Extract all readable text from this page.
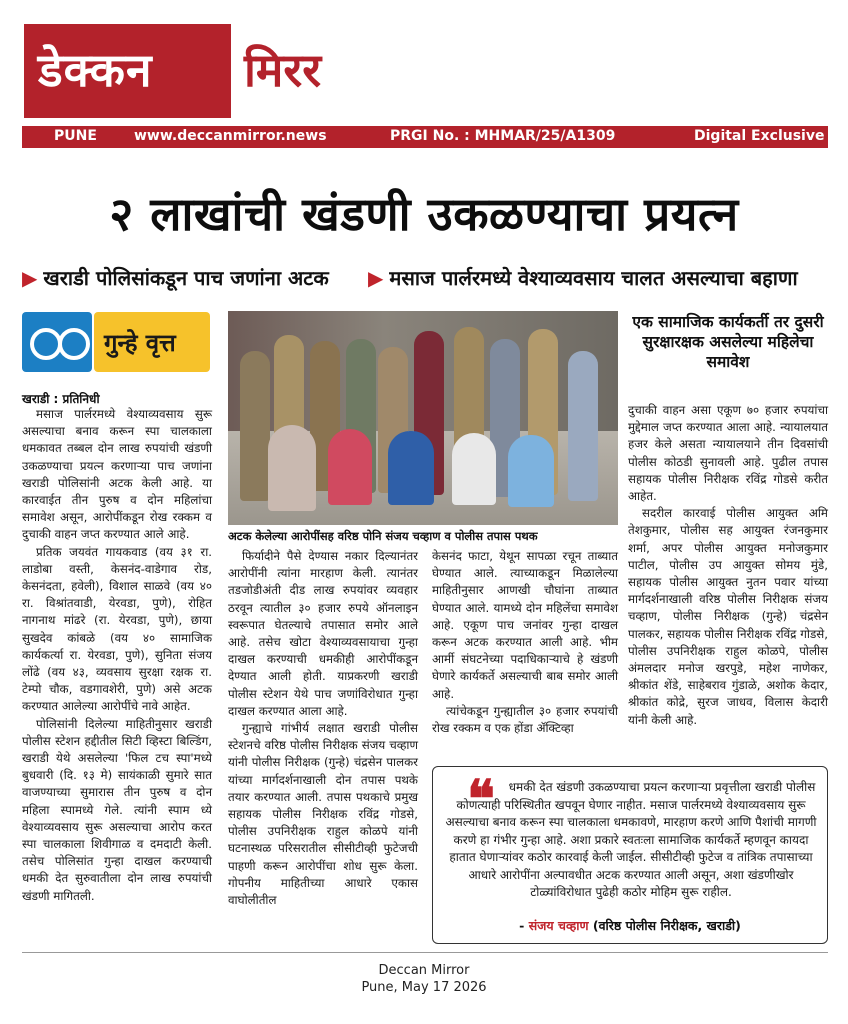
डेक्कन मिरर
PUNE	www.deccanmirror.news	PRGI No. : MHMAR/25/A1309	Digital Exclusive
२ लाखांची खंडणी उकळण्याचा प्रयत्न
▶ खराडी पोलिसांकडून पाच जणांना अटक ▶ मसाज पार्लरमध्ये वेश्याव्यवसाय चालत असल्याचा बहाणा
गुन्हे वृत्त
खराडी : प्रतिनिधी
अटक केलेल्या आरोपींसह वरिष्ठ पोनि संजय चव्हाण व पोलीस तपास पथक
एक सामाजिक कार्यकर्ती तर दुसरी सुरक्षारक्षक असलेल्या महिलेचा समावेश

मसाज पार्लरमध्ये वेश्याव्यवसाय सुरू असल्याचा बनाव करून स्पा चालकाला धमकावत तब्बल दोन लाख रुपयांची खंडणी उकळण्याचा प्रयत्न करणाऱ्या पाच जणांना खराडी पोलिसांनी अटक केली आहे. या कारवाईत तीन पुरुष व दोन महिलांचा समावेश असून, आरोपींकडून रोख रक्कम व दुचाकी वाहन जप्त करण्यात आले आहे.

प्रतिक जयवंत गायकवाड (वय ३१ रा. लाडोबा वस्ती, केसनंद-वाडेगाव रोड, केसनंदता, हवेली), विशाल साळवे (वय ४० रा. विश्रांतवाडी, येरवडा, पुणे), रोहित नागनाथ मांढरे (रा. येरवडा, पुणे), छाया सुखदेव कांबळे (वय ४० सामाजिक कार्यकर्त्या रा. येरवडा, पुणे), सुनिता संजय लोंढे (वय ४३, व्यवसाय सुरक्षा रक्षक रा. टेम्पो चौक, वडगावशेरी, पुणे) असे अटक करण्यात आलेल्या आरोपींचे नावे आहेत.

पोलिसांनी दिलेल्या माहितीनुसार खराडी पोलीस स्टेशन हद्दीतील सिटी व्हिस्टा बिल्डिंग, खराडी येथे असलेल्या 'फिल टच स्पा'मध्ये बुधवारी (दि. १३ मे) सायंकाळी सुमारे सात वाजण्याच्या सुमारास तीन पुरुष व दोन महिला स्पामध्ये गेले. त्यांनी स्पाम ध्ये वेश्याव्यवसाय सुरू असल्याचा आरोप करत स्पा चालकाला शिवीगाळ व दमदाटी केली. तसेच पोलिसांत गुन्हा दाखल करण्याची धमकी देत सुरुवातीला दोन लाख रुपयांची खंडणी मागितली.

फिर्यादीने पैसे देण्यास नकार दिल्यानंतर आरोपींनी त्यांना मारहाण केली. त्यानंतर तडजोडीअंती दीड लाख रुपयांवर व्यवहार ठरवून त्यातील ३० हजार रुपये ऑनलाइन स्वरूपात घेतल्याचे तपासात समोर आले आहे. तसेच खोटा वेश्याव्यवसायाचा गुन्हा दाखल करण्याची धमकीही आरोपींकडून देण्यात आली होती. याप्रकरणी खराडी पोलीस स्टेशन येथे पाच जणांविरोधात गुन्हा दाखल करण्यात आला आहे.

गुन्ह्याचे गांभीर्य लक्षात खराडी पोलीस स्टेशनचे वरिष्ठ पोलीस निरीक्षक संजय चव्हाण यांनी पोलीस निरीक्षक (गुन्हे) चंद्रसेन पालकर यांच्या मार्गदर्शनाखाली दोन तपास पथके तयार करण्यात आली. तपास पथकाचे प्रमुख सहायक पोलीस निरीक्षक रविंद्र गोडसे, पोलीस उपनिरीक्षक राहुल कोळपे यांनी घटनास्थळ परिसरातील सीसीटीव्ही फुटेजची पाहणी करून आरोपींचा शोध सुरू केला. गोपनीय माहितीच्या आधारे एकास वाघोलीतील

केसनंद फाटा, येथून सापळा रचून ताब्यात घेण्यात आले. त्याच्याकडून मिळालेल्या माहितीनुसार आणखी चौघांना ताब्यात घेण्यात आले. यामध्ये दोन महिलेंचा समावेश आहे. एकूण पाच जनांवर गुन्हा दाखल करून अटक करण्यात आली आहे. भीम आर्मी संघटनेच्या पदाधिकाऱ्याचे हे खंडणी घेणारे कार्यकर्ते असल्याची बाब समोर आली आहे.

त्यांचेकडून गुन्ह्यातील ३० हजार रुपयांची रोख रक्कम व एक होंडा ॲक्टिव्हा

दुचाकी वाहन असा एकूण ७० हजार रुपयांचा मुद्देमाल जप्त करण्यात आला आहे. न्यायालयात हजर केले असता न्यायालयाने तीन दिवसांची पोलीस कोठडी सुनावली आहे. पुढील तपास सहायक पोलीस निरीक्षक रविंद्र गोडसे करीत आहेत.

सदरील कारवाई पोलीस आयुक्त अमि तेशकुमार, पोलीस सह आयुक्त रंजनकुमार शर्मा, अपर पोलीस आयुक्त मनोजकुमार पाटील, पोलीस उप आयुक्त सोमय मुंडे, सहायक पोलीस आयुक्त नुतन पवार यांच्या मार्गदर्शनाखाली वरिष्ठ पोलीस निरीक्षक संजय चव्हाण, पोलीस निरीक्षक (गुन्हे) चंद्रसेन पालकर, सहायक पोलीस निरीक्षक रविंद्र गोडसे, पोलीस उपनिरीक्षक राहुल कोळपे, पोलीस अंमलदार मनोज खरपुडे, महेश नाणेकर, श्रीकांत शेंडे, साहेबराव गुंडाळे, अशोक केदार, श्रीकांत कोद्रे, सुरज जाधव, विलास केदारी यांनी केली आहे.

❝	धमकी देत खंडणी उकळण्याचा प्रयत्न करणाऱ्या प्रवृत्तीला खराडी पोलीस कोणत्याही परिस्थितीत खपवून घेणार नाहीत. मसाज पार्लरमध्ये वेश्याव्यवसाय सुरू असल्याचा बनाव करून स्पा चालकाला धमकावणे, मारहाण करणे आणि पैशांची मागणी करणे हा गंभीर गुन्हा आहे. अशा प्रकारे स्वतःला सामाजिक कार्यकर्ते म्हणवून कायदा हातात घेणाऱ्यांवर कठोर कारवाई केली जाईल. सीसीटीव्ही फुटेज व तांत्रिक तपासाच्या आधारे आरोपींना अल्पावधीत अटक करण्यात आली असून, अशा खंडणीखोर टोळ्यांविरोधात पुढेही कठोर मोहिम सुरू राहील.
- संजय चव्हाण (वरिष्ठ पोलीस निरीक्षक, खराडी)
Deccan Mirror
Pune, May 17 2026
